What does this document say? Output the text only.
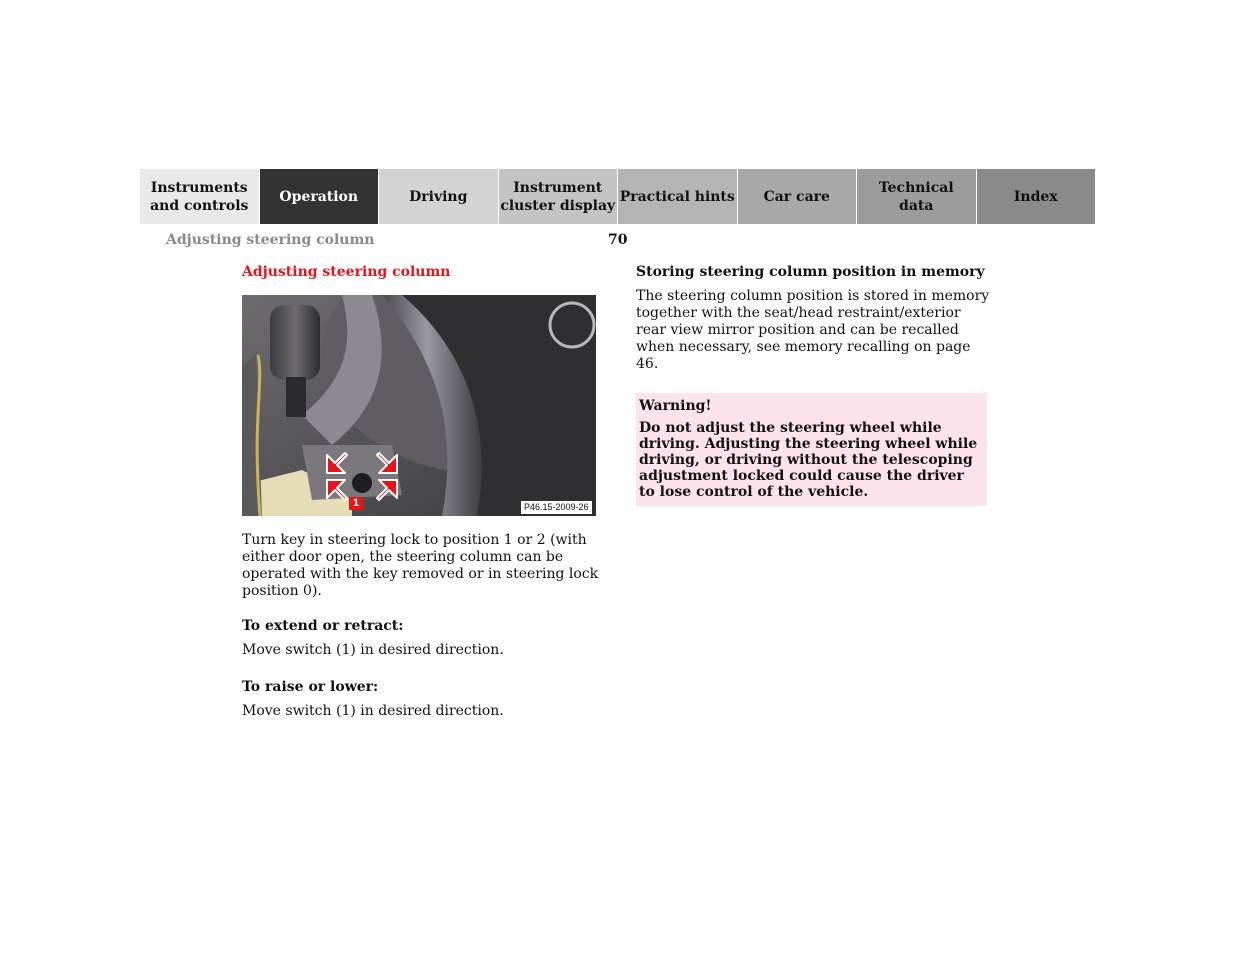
Instruments
and controls
Operation	Driving
Instrument
cluster display
Practical hints	Car care
Technical
data
Index
Adjusting steering column	70
Adjusting steering column
1	P46.15-2009-26

Turn key in steering lock to position 1 or 2 (with either door open, the steering column can be operated with the key removed or in steering lock position 0).

To extend or retract:

Move switch (1) in desired direction.

To raise or lower:

Move switch (1) in desired direction.

Storing steering column position in memory

The steering column position is stored in memory together with the seat/head restraint/exterior rear view mirror position and can be recalled when necessary, see memory recalling on page 46.

Warning!

Do not adjust the steering wheel while driving. Adjusting the steering wheel while driving, or driving without the telescoping adjustment locked could cause the driver to lose control of the vehicle.
